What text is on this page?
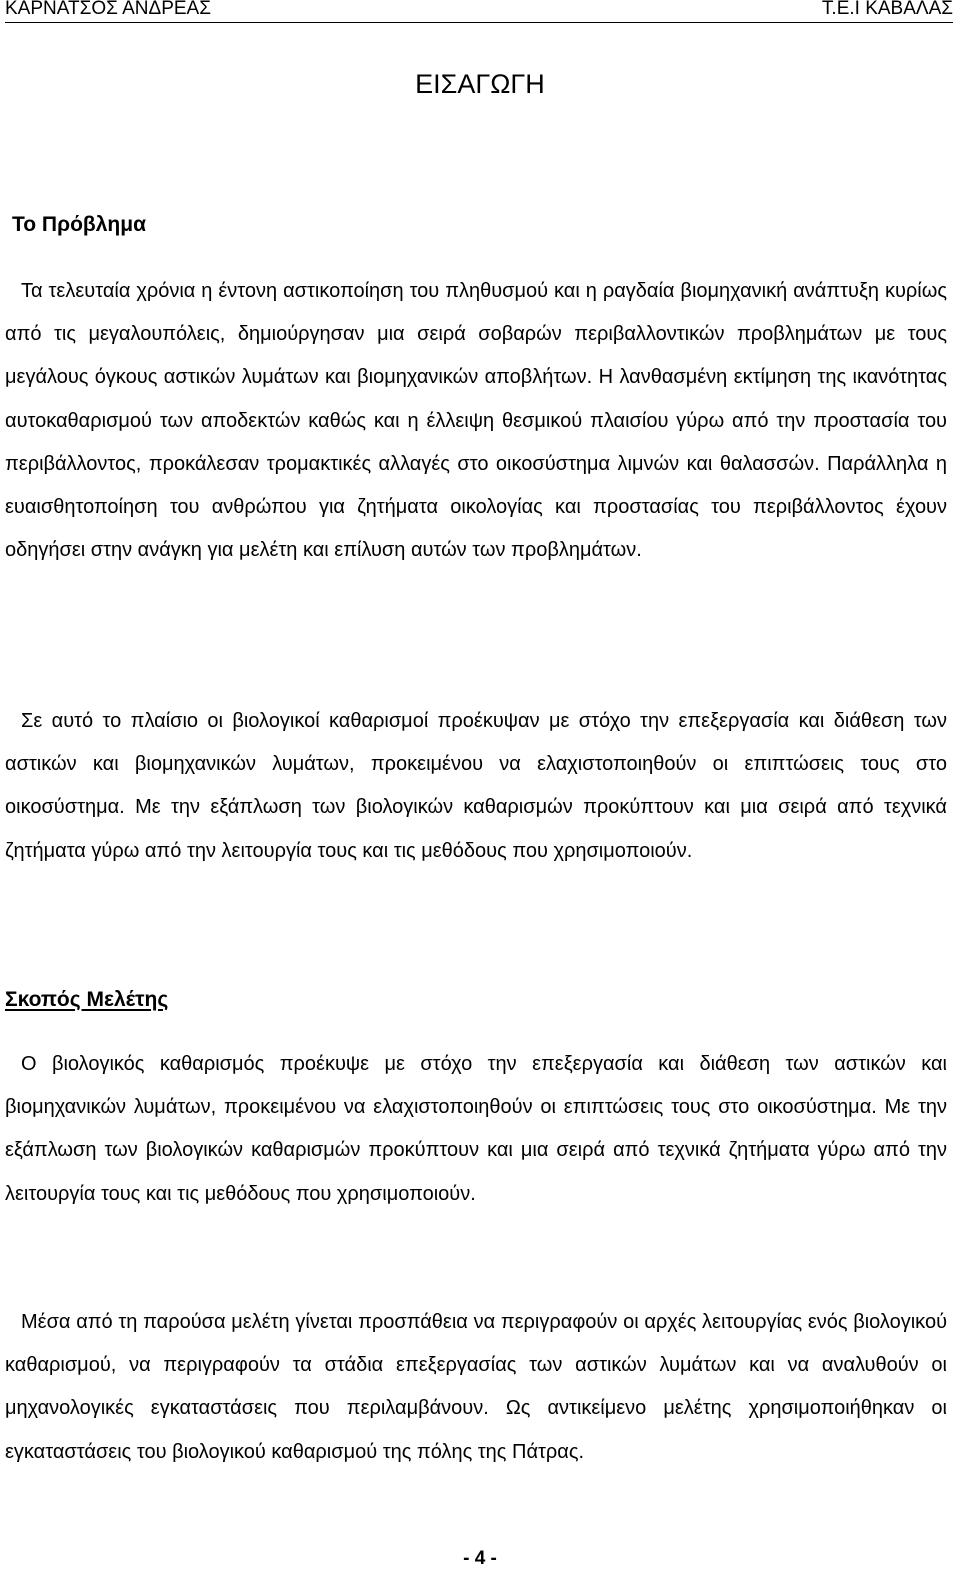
ΚΑΡΝΑΤΣΟΣ ΑΝΔΡΕΑΣ	Τ.Ε.Ι ΚΑΒΑΛΑΣ
ΕΙΣΑΓΩΓΗ
Το Πρόβλημα

Τα τελευταία χρόνια η έντονη αστικοποίηση του πληθυσμού και η ραγδαία βιομηχανική ανάπτυξη κυρίως από τις μεγαλουπόλεις, δημιούργησαν μια σειρά σοβαρών περιβαλλοντικών προβλημάτων με τους μεγάλους όγκους αστικών λυμάτων και βιομηχανικών αποβλήτων. Η λανθασμένη εκτίμηση της ικανότητας αυτοκαθαρισμού των αποδεκτών καθώς και η έλλειψη θεσμικού πλαισίου γύρω από την προστασία του περιβάλλοντος, προκάλεσαν τρομακτικές αλλαγές στο οικοσύστημα λιμνών και θαλασσών. Παράλληλα η ευαισθητοποίηση του ανθρώπου για ζητήματα οικολογίας και προστασίας του περιβάλλοντος έχουν οδηγήσει στην ανάγκη για μελέτη και επίλυση αυτών των προβλημάτων.

Σε αυτό το πλαίσιο οι βιολογικοί καθαρισμοί προέκυψαν με στόχο την επεξεργασία και διάθεση των αστικών και βιομηχανικών λυμάτων, προκειμένου να ελαχιστοποιηθούν οι επιπτώσεις τους στο οικοσύστημα. Με την εξάπλωση των βιολογικών καθαρισμών προκύπτουν και μια σειρά από τεχνικά ζητήματα γύρω από την λειτουργία τους και τις μεθόδους που χρησιμοποιούν.

Σκοπός Μελέτης

Ο βιολογικός καθαρισμός προέκυψε με στόχο την επεξεργασία και διάθεση των αστικών και βιομηχανικών λυμάτων, προκειμένου να ελαχιστοποιηθούν οι επιπτώσεις τους στο οικοσύστημα. Με την εξάπλωση των βιολογικών καθαρισμών προκύπτουν και μια σειρά από τεχνικά ζητήματα γύρω από την λειτουργία τους και τις μεθόδους που χρησιμοποιούν.

Μέσα από τη παρούσα μελέτη γίνεται προσπάθεια να περιγραφούν οι αρχές λειτουργίας ενός βιολογικού καθαρισμού, να περιγραφούν τα στάδια επεξεργασίας των αστικών λυμάτων και να αναλυθούν οι μηχανολογικές εγκαταστάσεις που περιλαμβάνουν. Ως αντικείμενο μελέτης χρησιμοποιήθηκαν οι εγκαταστάσεις του βιολογικού καθαρισμού της πόλης της Πάτρας.

- 4 -
